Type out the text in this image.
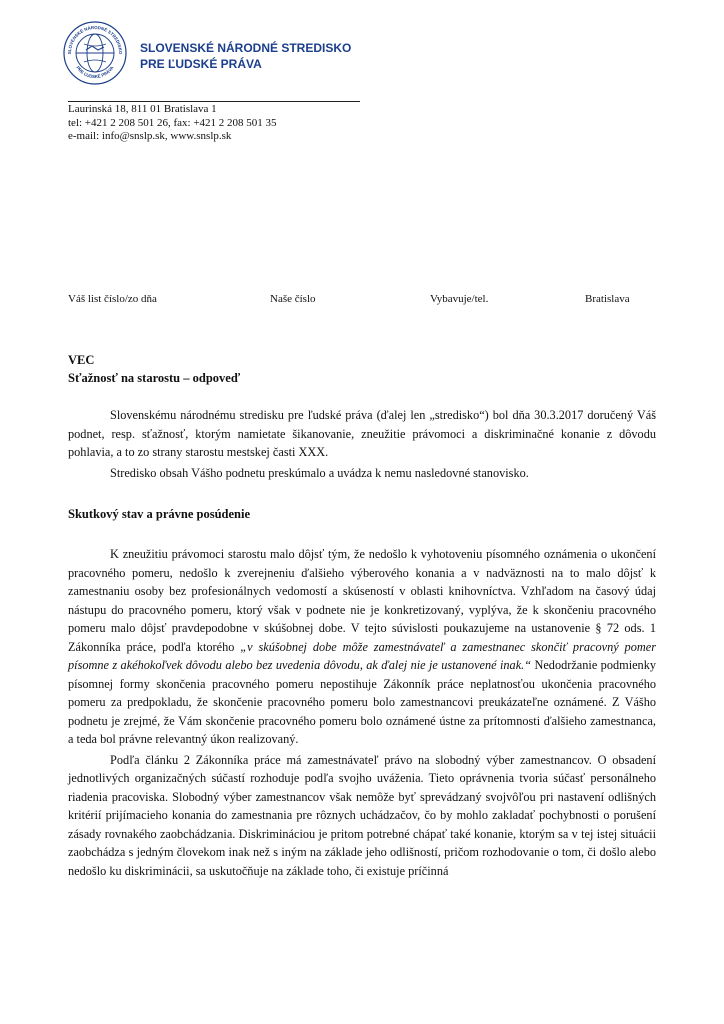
SLOVENSKÉ NÁRODNÉ STREDISKO
PRE ĽUDSKÉ PRÁVA
SLOVENSKÉ NÁRODNÉ STREDISKO
PRE ĽUDSKÉ PRÁVA
Laurinská 18, 811 01 Bratislava 1
tel: +421 2 208 501 26, fax: +421 2 208 501 35
e-mail: info@snslp.sk, www.snslp.sk
Váš list číslo/zo dňa	Naše číslo	Vybavuje/tel.	Bratislava
VEC
Sťažnosť na starostu – odpoveď

Slovenskému národnému stredisku pre ľudské práva (ďalej len „stredisko“) bol dňa 30.3.2017 doručený Váš podnet, resp. sťažnosť, ktorým namietate šikanovanie, zneužitie právomoci a diskriminačné konanie z dôvodu pohlavia, a to zo strany starostu mestskej časti XXX.

Stredisko obsah Vášho podnetu preskúmalo a uvádza k nemu nasledovné stanovisko.

Skutkový stav a právne posúdenie

K zneužitiu právomoci starostu malo dôjsť tým, že nedošlo k vyhotoveniu písomného oznámenia o ukončení pracovného pomeru, nedošlo k zverejneniu ďalšieho výberového konania a v nadväznosti na to malo dôjsť k zamestnaniu osoby bez profesionálnych vedomostí a skúseností v oblasti knihovníctva. Vzhľadom na časový údaj nástupu do pracovného pomeru, ktorý však v podnete nie je konkretizovaný, vyplýva, že k skončeniu pracovného pomeru malo dôjsť pravdepodobne v skúšobnej dobe. V tejto súvislosti poukazujeme na ustanovenie § 72 ods. 1 Zákonníka práce, podľa ktorého „v skúšobnej dobe môže zamestnávateľ a zamestnanec skončiť pracovný pomer písomne z akéhokoľvek dôvodu alebo bez uvedenia dôvodu, ak ďalej nie je ustanovené inak.“ Nedodržanie podmienky písomnej formy skončenia pracovného pomeru nepostihuje Zákonník práce neplatnosťou ukončenia pracovného pomeru za predpokladu, že skončenie pracovného pomeru bolo zamestnancovi preukázateľne oznámené. Z Vášho podnetu je zrejmé, že Vám skončenie pracovného pomeru bolo oznámené ústne za prítomnosti ďalšieho zamestnanca, a teda bol právne relevantný úkon realizovaný.

Podľa článku 2 Zákonníka práce má zamestnávateľ právo na slobodný výber zamestnancov. O obsadení jednotlivých organizačných súčastí rozhoduje podľa svojho uváženia. Tieto oprávnenia tvoria súčasť personálneho riadenia pracoviska. Slobodný výber zamestnancov však nemôže byť sprevádzaný svojvôľou pri nastavení odlišných kritérií prijímacieho konania do zamestnania pre rôznych uchádzačov, čo by mohlo zakladať pochybnosti o porušení zásady rovnakého zaobchádzania. Diskrimináciou je pritom potrebné chápať také konanie, ktorým sa v tej istej situácii zaobchádza s jedným človekom inak než s iným na základe jeho odlišností, pričom rozhodovanie o tom, či došlo alebo nedošlo ku diskriminácii, sa uskutočňuje na základe toho, či existuje príčinná
